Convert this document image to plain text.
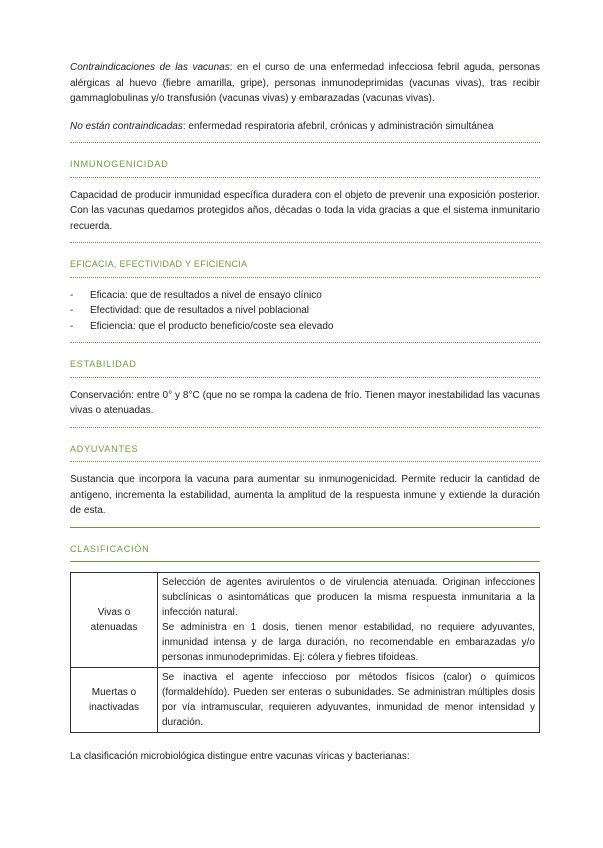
Contraindicaciones de las vacunas: en el curso de una enfermedad infecciosa febril aguda, personas alérgicas al huevo (fiebre amarilla, gripe), personas inmunodeprimidas (vacunas vivas), tras recibir gammaglobulinas y/o transfusión (vacunas vivas) y embarazadas (vacunas vivas).

No están contraindicadas: enfermedad respiratoria afebril, crónicas y administración simultánea

INMUNOGENICIDAD

Capacidad de producir inmunidad específica duradera con el objeto de prevenir una exposición posterior. Con las vacunas quedamos protegidos años, décadas o toda la vida gracias a que el sistema inmunitario recuerda.

EFICACIA, EFECTIVIDAD Y EFICIENCIA
- Eficacia: que de resultados a nivel de ensayo clínico
- Efectividad: que de resultados a nivel poblacional
- Eficiencia: que el producto beneficio/coste sea elevado
ESTABILIDAD

Conservación: entre 0° y 8°C (que no se rompa la cadena de frío. Tienen mayor inestabilidad las vacunas vivas o atenuadas.

ADYUVANTES

Sustancia que incorpora la vacuna para aumentar su inmunogenicidad. Permite reducir la cantidad de antígeno, incrementa la estabilidad, aumenta la amplitud de la respuesta inmune y extiende la duración de esta.

CLASIFICACIÓN
Vivas o atenuadas	Selección de agentes avirulentos o de virulencia atenuada. Originan infecciones subclínicas o asintomáticas que producen la misma respuesta inmunitaria a la infección natural.
Se administra en 1 dosis, tienen menor estabilidad, no requiere adyuvantes, inmunidad intensa y de larga duración, no recomendable en embarazadas y/o personas inmunodeprimidas. Ej: cólera y fiebres tifoideas.

Muertas o inactivadas	Se inactiva el agente infeccioso por métodos físicos (calor) o químicos (formaldehído). Pueden ser enteras o subunidades. Se administran múltiples dosis por vía intramuscular, requieren adyuvantes, inmunidad de menor intensidad y duración.

La clasificación microbiológica distingue entre vacunas víricas y bacterianas:
